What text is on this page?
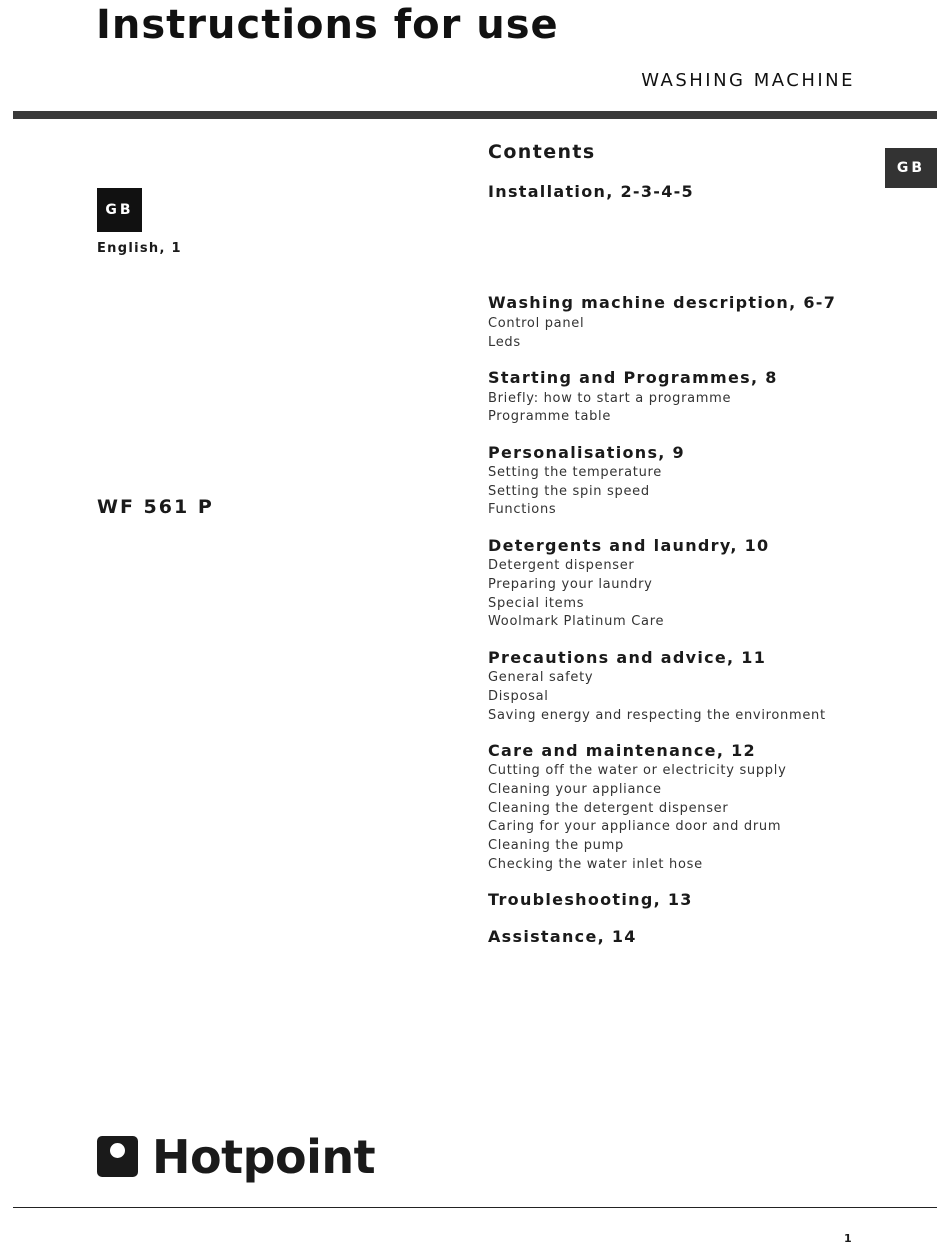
Instructions for use
WASHING MACHINE
GB
GB
English, 1
WF 561 P
Contents
Installation, 2-3-4-5
Washing machine description, 6-7
Control panel
Leds
Starting and Programmes, 8
Briefly: how to start a programme
Programme table
Personalisations, 9
Setting the temperature
Setting the spin speed
Functions
Detergents and laundry, 10
Detergent dispenser
Preparing your laundry
Special items
Woolmark Platinum Care
Precautions and advice, 11
General safety
Disposal
Saving energy and respecting the environment
Care and maintenance, 12
Cutting off the water or electricity supply
Cleaning your appliance
Cleaning the detergent dispenser
Caring for your appliance door and drum
Cleaning the pump
Checking the water inlet hose
Troubleshooting, 13
Assistance, 14
Hotpoint
1
